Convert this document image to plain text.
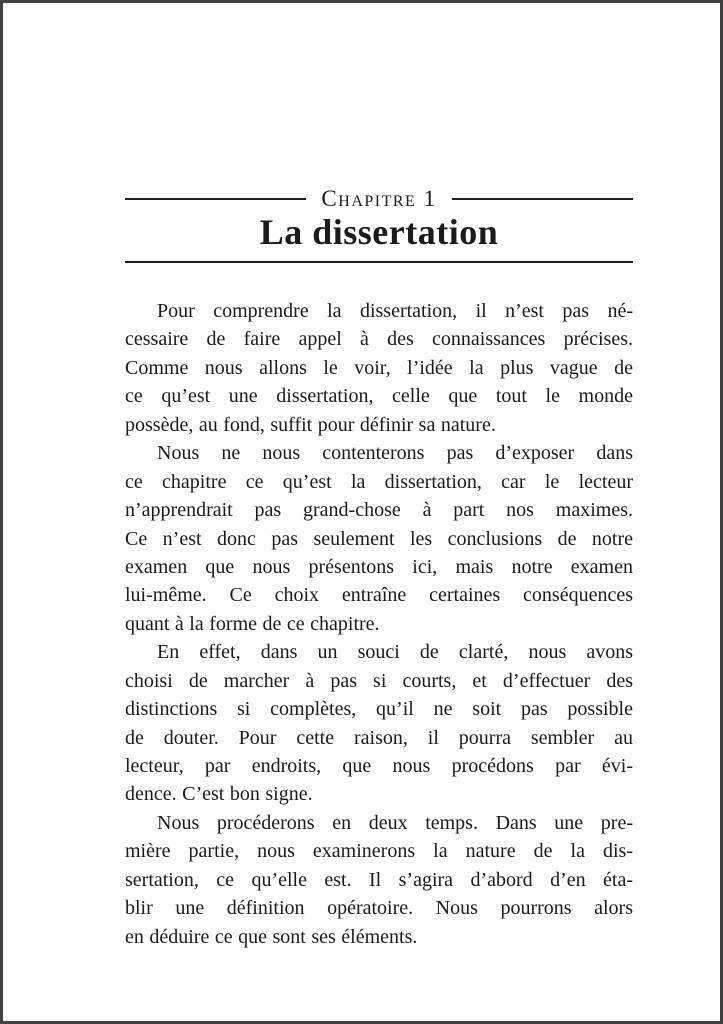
Chapitre 1
La dissertation
Pour comprendre la dissertation, il n’est pas né-
cessaire de faire appel à des connaissances précises.
Comme nous allons le voir, l’idée la plus vague de
ce qu’est une dissertation, celle que tout le monde
possède, au fond, suffit pour définir sa nature.
Nous ne nous contenterons pas d’exposer dans
ce chapitre ce qu’est la dissertation, car le lecteur
n’apprendrait pas grand-chose à part nos maximes.
Ce n’est donc pas seulement les conclusions de notre
examen que nous présentons ici, mais notre examen
lui-même. Ce choix entraîne certaines conséquences
quant à la forme de ce chapitre.
En effet, dans un souci de clarté, nous avons
choisi de marcher à pas si courts, et d’effectuer des
distinctions si complètes, qu’il ne soit pas possible
de douter. Pour cette raison, il pourra sembler au
lecteur, par endroits, que nous procédons par évi-
dence. C’est bon signe.
Nous procéderons en deux temps. Dans une pre-
mière partie, nous examinerons la nature de la dis-
sertation, ce qu’elle est. Il s’agira d’abord d’en éta-
blir une définition opératoire. Nous pourrons alors
en déduire ce que sont ses éléments.
